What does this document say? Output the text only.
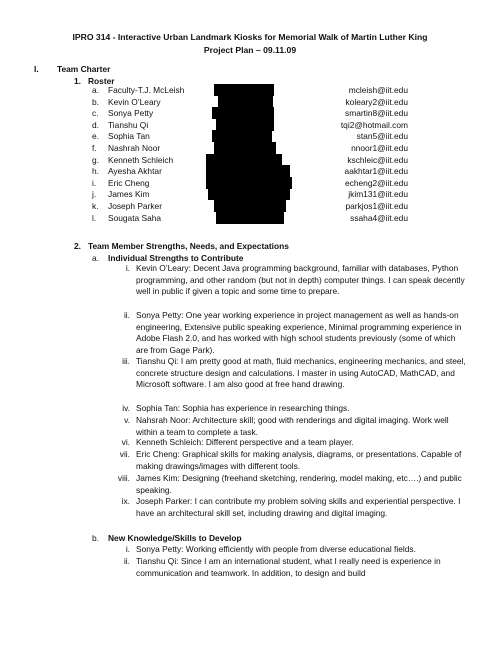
IPRO 314 - Interactive Urban Landmark Kiosks for Memorial Walk of Martin Luther King
Project Plan – 09.11.09
I. Team Charter
1. Roster
a. Faculty-T.J. McLeish	mcleish@iit.edu
b. Kevin O’Leary	koleary2@iit.edu
c. Sonya Petty	smartin8@iit.edu
d. Tianshu Qi	tqi2@hotmail.com
e. Sophia Tan	stan5@iit.edu
f. Nashrah Noor	nnoor1@iit.edu
g. Kenneth Schleich	kschleic@iit.edu
h. Ayesha Akhtar	aakhtar1@iit.edu
i. Eric Cheng	echeng2@iit.edu
j. James Kim	jkim131@iit.edu
k. Joseph Parker	parkjos1@iit.edu
l. Sougata Saha	ssaha4@iit.edu
2. Team Member Strengths, Needs, and Expectations
a. Individual Strengths to Contribute
i. Kevin O’Leary: Decent Java programming background, familiar with databases, Python programming, and other random (but not in depth) computer things. I can speak decently well in public if given a topic and some time to prepare.
ii. Sonya Petty: One year working experience in project management as well as hands-on engineering, Extensive public speaking experience, Minimal programming experience in Adobe Flash 2.0, and has worked with high school students previously (some of which are from Gage Park).
iii. Tianshu Qi: I am pretty good at math, fluid mechanics, engineering mechanics, and steel, concrete structure design and calculations. I master in using AutoCAD, MathCAD, and Microsoft software. I am also good at free hand drawing.
iv. Sophia Tan: Sophia has experience in researching things.
v. Nahsrah Noor: Architecture skill; good with renderings and digital imaging. Work well within a team to complete a task.
vi. Kenneth Schleich: Different perspective and a team player.
vii. Eric Cheng: Graphical skills for making analysis, diagrams, or presentations. Capable of making drawings/images with different tools.
viii. James Kim: Designing (freehand sketching, rendering, model making, etc….) and public speaking.
ix. Joseph Parker: I can contribute my problem solving skills and experiential perspective. I have an architectural skill set, including drawing and digital imaging.
b. New Knowledge/Skills to Develop
i. Sonya Petty: Working efficiently with people from diverse educational fields.
ii. Tianshu Qi: Since I am an international student, what I really need is experience in communication and teamwork. In addition, to design and build
